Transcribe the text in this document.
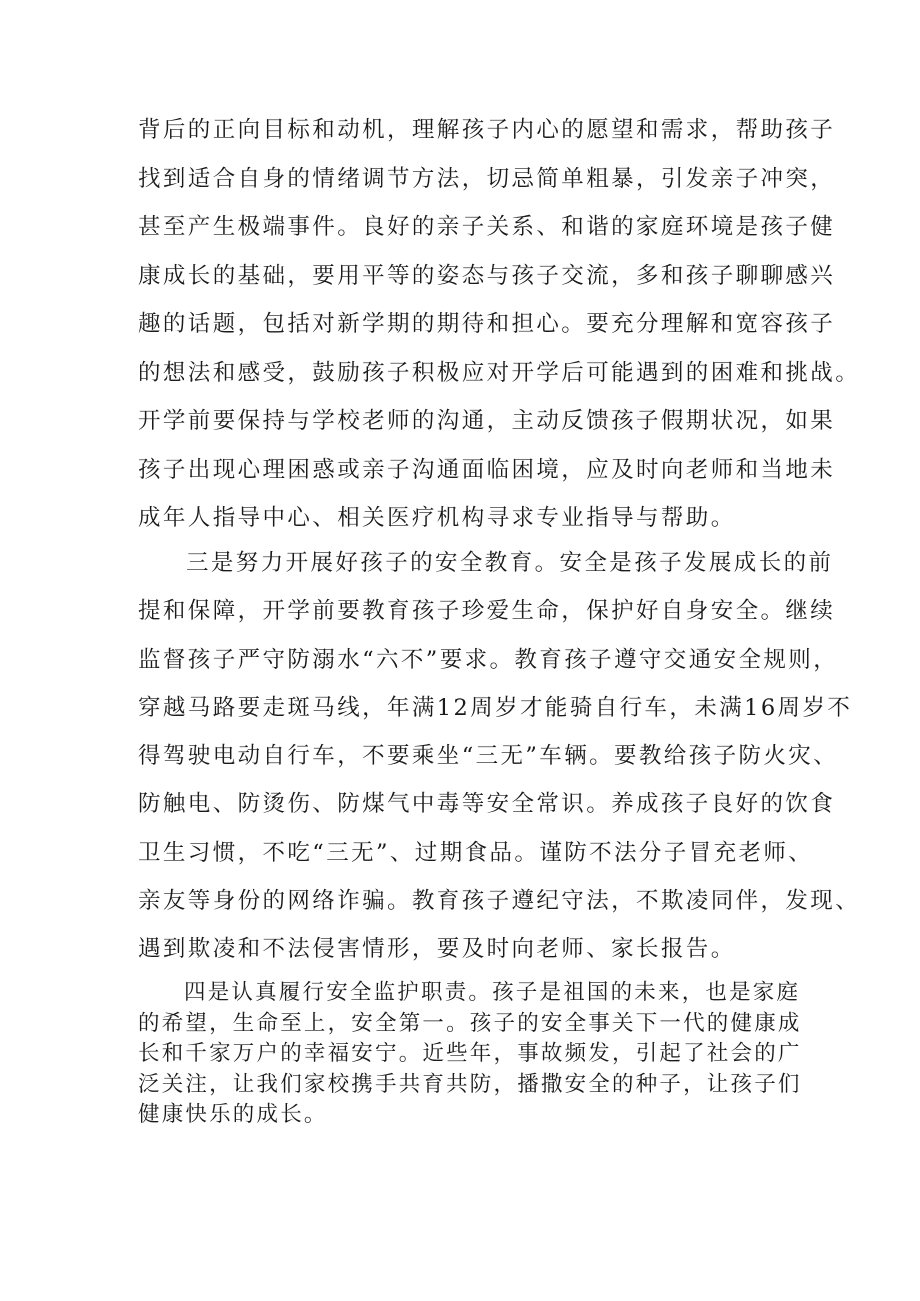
背后的正向目标和动机，理解孩子内心的愿望和需求，帮助孩子
找到适合自身的情绪调节方法，切忌简单粗暴，引发亲子冲突，
甚至产生极端事件。良好的亲子关系、和谐的家庭环境是孩子健
康成长的基础，要用平等的姿态与孩子交流，多和孩子聊聊感兴
趣的话题，包括对新学期的期待和担心。要充分理解和宽容孩子
的想法和感受，鼓励孩子积极应对开学后可能遇到的困难和挑战。
开学前要保持与学校老师的沟通，主动反馈孩子假期状况，如果
孩子出现心理困惑或亲子沟通面临困境，应及时向老师和当地未
成年人指导中心、相关医疗机构寻求专业指导与帮助。
三是努力开展好孩子的安全教育。安全是孩子发展成长的前
提和保障，开学前要教育孩子珍爱生命，保护好自身安全。继续
监督孩子严守防溺水“六不”要求。教育孩子遵守交通安全规则，
穿越马路要走斑马线，年满12周岁才能骑自行车，未满16周岁不
得驾驶电动自行车，不要乘坐“三无”车辆。要教给孩子防火灾、
防触电、防烫伤、防煤气中毒等安全常识。养成孩子良好的饮食
卫生习惯，不吃“三无”、过期食品。谨防不法分子冒充老师、
亲友等身份的网络诈骗。教育孩子遵纪守法，不欺凌同伴，发现、
遇到欺凌和不法侵害情形，要及时向老师、家长报告。
四是认真履行安全监护职责。孩子是祖国的未来，也是家庭
的希望，生命至上，安全第一。孩子的安全事关下一代的健康成
长和千家万户的幸福安宁。近些年，事故频发，引起了社会的广
泛关注，让我们家校携手共育共防，播撒安全的种子，让孩子们
健康快乐的成长。
